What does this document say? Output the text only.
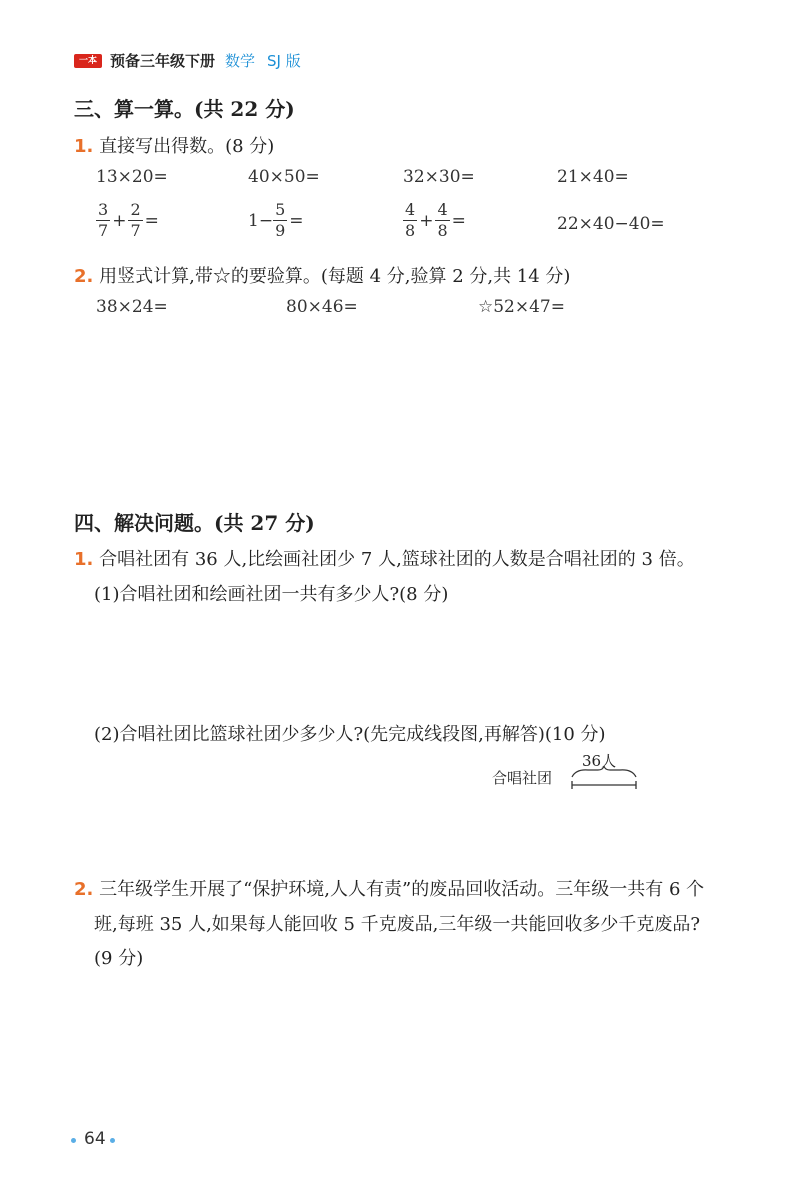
一本 预备三年级下册 数学 SJ 版
三、算一算。(共 22 分)
1. 直接写出得数。(8 分)
13×20=	40×50=	32×30=	21×40=
$\frac{3}{7} + \frac{2}{7}$ =	$1- \frac{5}{9}$ =	$\frac{4}{8} + \frac{4}{8}$ =	22×40−40=
2. 用竖式计算,带☆的要验算。(每题 4 分,验算 2 分,共 14 分)
38×24=	80×46=	☆52×47=
四、解决问题。(共 27 分)
1. 合唱社团有 36 人,比绘画社团少 7 人,篮球社团的人数是合唱社团的 3 倍。
(1)合唱社团和绘画社团一共有多少人?(8 分)
(2)合唱社团比篮球社团少多少人?(先完成线段图,再解答)(10 分)
合唱社团
36人
2. 三年级学生开展了“保护环境,人人有责”的废品回收活动。三年级一共有 6 个
班,每班 35 人,如果每人能回收 5 千克废品,三年级一共能回收多少千克废品?
(9 分)
64
